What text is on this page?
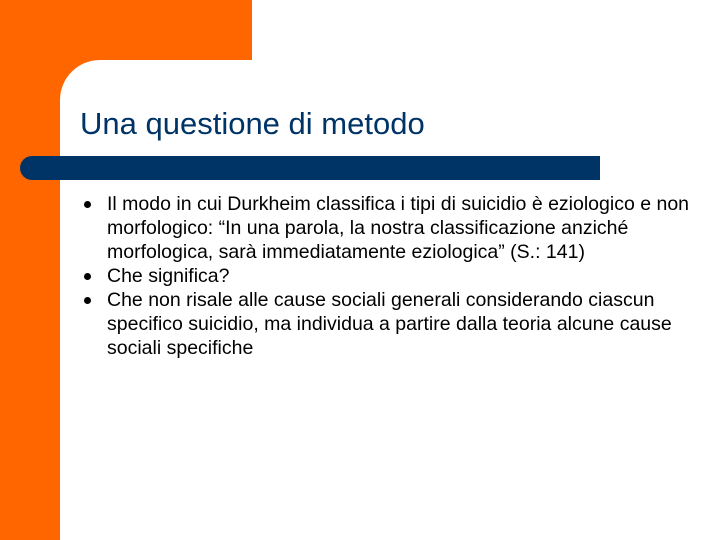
Una questione di metodo
Il modo in cui Durkheim classifica i tipi di suicidio è eziologico e non morfologico: “In una parola, la nostra classificazione anziché morfologica, sarà immediatamente eziologica” (S.: 141)
Che significa?
Che non risale alle cause sociali generali considerando ciascun specifico suicidio, ma individua a partire dalla teoria alcune cause sociali specifiche
